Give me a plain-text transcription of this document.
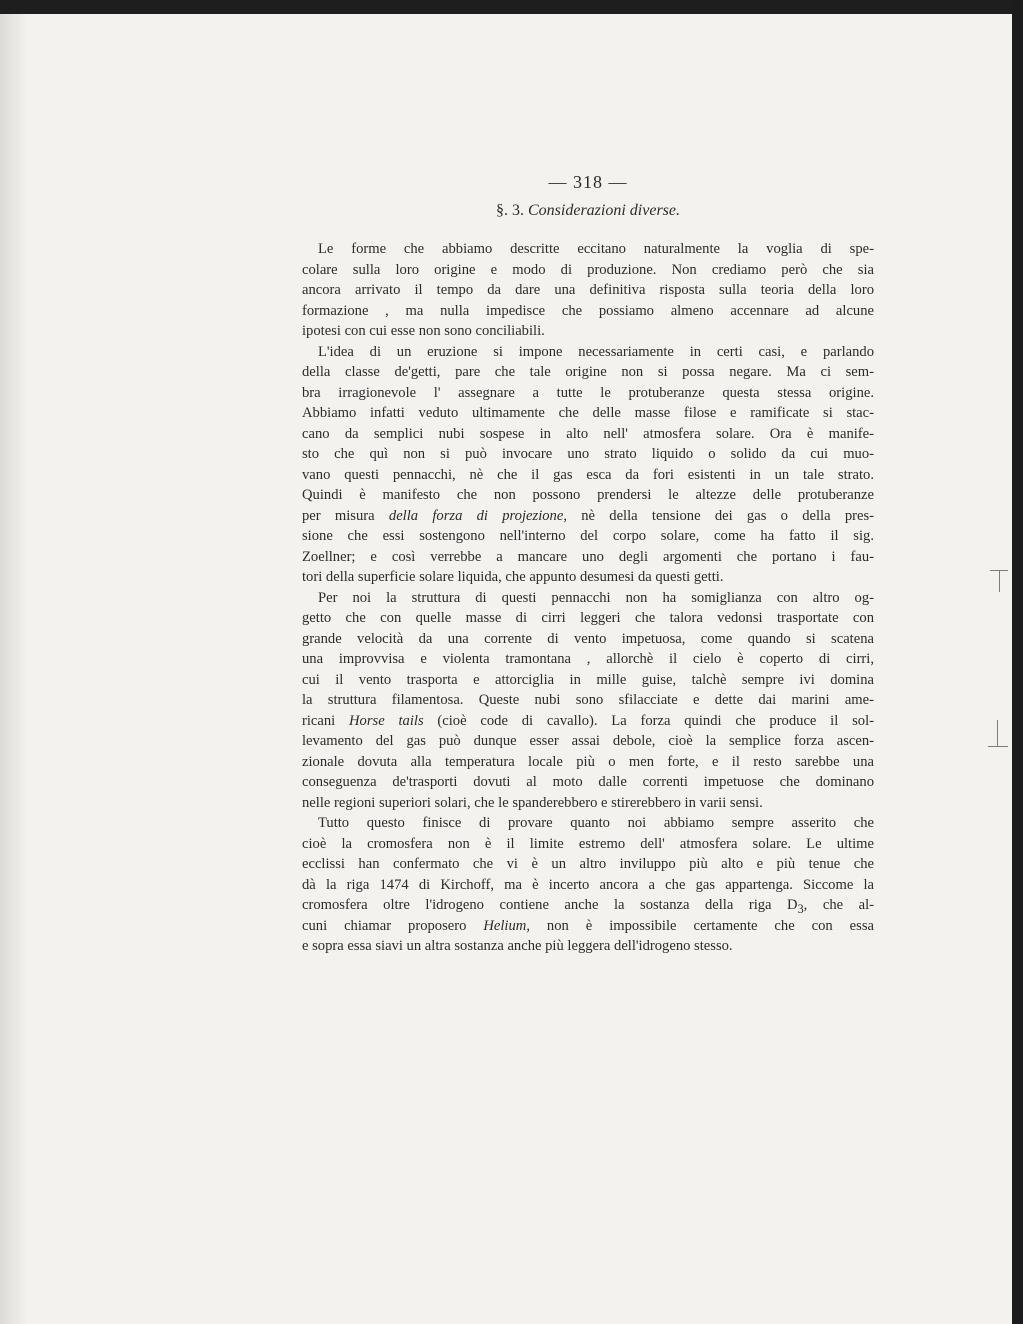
— 318 —
§. 3. Considerazioni diverse.
Le forme che abbiamo descritte eccitano naturalmente la voglia di spe-
colare sulla loro origine e modo di produzione. Non crediamo però che sia
ancora arrivato il tempo da dare una definitiva risposta sulla teoria della loro
formazione , ma nulla impedisce che possiamo almeno accennare ad alcune
ipotesi con cui esse non sono conciliabili.
L'idea di un eruzione si impone necessariamente in certi casi, e parlando
della classe de'getti, pare che tale origine non si possa negare. Ma ci sem-
bra irragionevole l' assegnare a tutte le protuberanze questa stessa origine.
Abbiamo infatti veduto ultimamente che delle masse filose e ramificate si stac-
cano da semplici nubi sospese in alto nell' atmosfera solare. Ora è manife-
sto che quì non si può invocare uno strato liquido o solido da cui muo-
vano questi pennacchi, nè che il gas esca da fori esistenti in un tale strato.
Quindi è manifesto che non possono prendersi le altezze delle protuberanze
per misura della forza di projezione, nè della tensione dei gas o della pres-
sione che essi sostengono nell'interno del corpo solare, come ha fatto il sig.
Zoellner; e così verrebbe a mancare uno degli argomenti che portano i fau-
tori della superficie solare liquida, che appunto desumesi da questi getti.
Per noi la struttura di questi pennacchi non ha somiglianza con altro og-
getto che con quelle masse di cirri leggeri che talora vedonsi trasportate con
grande velocità da una corrente di vento impetuosa, come quando si scatena
una improvvisa e violenta tramontana , allorchè il cielo è coperto di cirri,
cui il vento trasporta e attorciglia in mille guise, talchè sempre ivi domina
la struttura filamentosa. Queste nubi sono sfilacciate e dette dai marini ame-
ricani Horse tails (cioè code di cavallo). La forza quindi che produce il sol-
levamento del gas può dunque esser assai debole, cioè la semplice forza ascen-
zionale dovuta alla temperatura locale più o men forte, e il resto sarebbe una
conseguenza de'trasporti dovuti al moto dalle correnti impetuose che dominano
nelle regioni superiori solari, che le spanderebbero e stirerebbero in varii sensi.
Tutto questo finisce di provare quanto noi abbiamo sempre asserito che
cioè la cromosfera non è il limite estremo dell' atmosfera solare. Le ultime
ecclissi han confermato che vi è un altro inviluppo più alto e più tenue che
dà la riga 1474 di Kirchoff, ma è incerto ancora a che gas appartenga. Siccome la
cromosfera oltre l'idrogeno contiene anche la sostanza della riga $D_3$, che al-
cuni chiamar proposero Helium, non è impossibile certamente che con essa
e sopra essa siavi un altra sostanza anche più leggera dell'idrogeno stesso.
